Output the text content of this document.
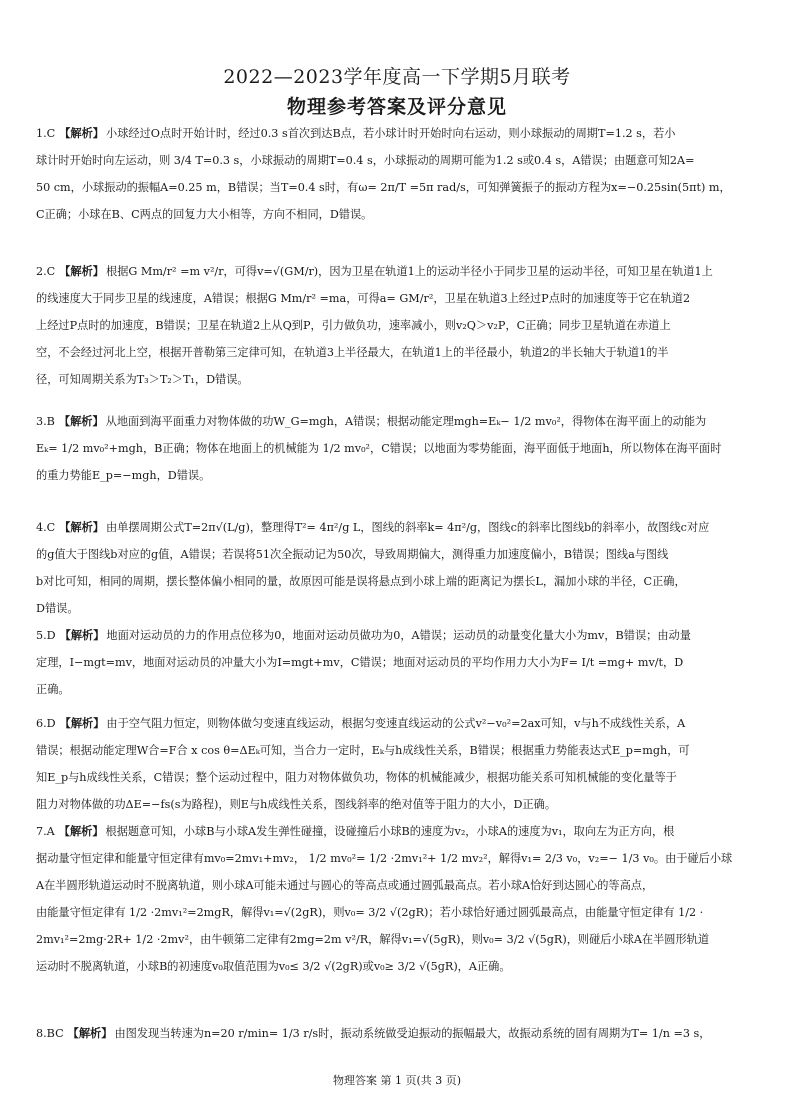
2022—2023学年度高一下学期5月联考
物理参考答案及评分意见
1.C 【解析】 小球经过O点时开始计时，经过0.3 s首次到达B点，若小球计时开始时向右运动，则小球振动的周期T=1.2 s，若小
球计时开始时向左运动，则 3/4 T=0.3 s，小球振动的周期T=0.4 s，小球振动的周期可能为1.2 s或0.4 s，A错误；由题意可知2A=
50 cm，小球振动的振幅A=0.25 m，B错误；当T=0.4 s时，有ω= 2π/T =5π rad/s，可知弹簧振子的振动方程为x=−0.25sin(5πt) m，
C正确；小球在B、C两点的回复力大小相等，方向不相同，D错误。
2.C 【解析】 根据G Mm/r² =m v²/r，可得v=√(GM/r)，因为卫星在轨道1上的运动半径小于同步卫星的运动半径，可知卫星在轨道1上
的线速度大于同步卫星的线速度，A错误；根据G Mm/r² =ma，可得a= GM/r²，卫星在轨道3上经过P点时的加速度等于它在轨道2
上经过P点时的加速度，B错误；卫星在轨道2上从Q到P，引力做负功，速率减小，则v₂Q＞v₂P，C正确；同步卫星轨道在赤道上
空，不会经过河北上空，根据开普勒第三定律可知，在轨道3上半径最大，在轨道1上的半径最小，轨道2的半长轴大于轨道1的半
径，可知周期关系为T₃＞T₂＞T₁，D错误。
3.B 【解析】 从地面到海平面重力对物体做的功W_G=mgh，A错误；根据动能定理mgh=Eₖ− 1/2 mv₀²，得物体在海平面上的动能为
Eₖ= 1/2 mv₀²+mgh，B正确；物体在地面上的机械能为 1/2 mv₀²，C错误；以地面为零势能面，海平面低于地面h，所以物体在海平面时
的重力势能E_p=−mgh，D错误。
4.C 【解析】 由单摆周期公式T=2π√(L/g)，整理得T²= 4π²/g L，图线的斜率k= 4π²/g，图线c的斜率比图线b的斜率小，故图线c对应
的g值大于图线b对应的g值，A错误；若误将51次全振动记为50次，导致周期偏大，测得重力加速度偏小，B错误；图线a与图线
b对比可知，相同的周期，摆长整体偏小相同的量，故原因可能是误将悬点到小球上端的距离记为摆长L，漏加小球的半径，C正确，
D错误。
5.D 【解析】 地面对运动员的力的作用点位移为0，地面对运动员做功为0，A错误；运动员的动量变化量大小为mv，B错误；由动量
定理，I−mgt=mv，地面对运动员的冲量大小为I=mgt+mv，C错误；地面对运动员的平均作用力大小为F= I/t =mg+ mv/t，D
正确。
6.D 【解析】 由于空气阻力恒定，则物体做匀变速直线运动，根据匀变速直线运动的公式v²−v₀²=2ax可知，v与h不成线性关系，A
错误；根据动能定理W合=F合 x cos θ=ΔEₖ可知，当合力一定时，Eₖ与h成线性关系，B错误；根据重力势能表达式E_p=mgh，可
知E_p与h成线性关系，C错误；整个运动过程中，阻力对物体做负功，物体的机械能减少，根据功能关系可知机械能的变化量等于
阻力对物体做的功ΔE=−fs(s为路程)，则E与h成线性关系，图线斜率的绝对值等于阻力的大小，D正确。
7.A 【解析】 根据题意可知，小球B与小球A发生弹性碰撞，设碰撞后小球B的速度为v₂，小球A的速度为v₁，取向左为正方向，根
据动量守恒定律和能量守恒定律有mv₀=2mv₁+mv₂， 1/2 mv₀²= 1/2 ·2mv₁²+ 1/2 mv₂²，解得v₁= 2/3 v₀，v₂=− 1/3 v₀。由于碰后小球
A在半圆形轨道运动时不脱离轨道，则小球A可能未通过与圆心的等高点或通过圆弧最高点。若小球A恰好到达圆心的等高点，
由能量守恒定律有 1/2 ·2mv₁²=2mgR，解得v₁=√(2gR)，则v₀= 3/2 √(2gR)；若小球恰好通过圆弧最高点，由能量守恒定律有 1/2 ·
2mv₁²=2mg·2R+ 1/2 ·2mv²，由牛顿第二定律有2mg=2m v²/R，解得v₁=√(5gR)，则v₀= 3/2 √(5gR)，则碰后小球A在半圆形轨道
运动时不脱离轨道，小球B的初速度v₀取值范围为v₀≤ 3/2 √(2gR)或v₀≥ 3/2 √(5gR)，A正确。
8.BC 【解析】 由图发现当转速为n=20 r/min= 1/3 r/s时，振动系统做受迫振动的振幅最大，故振动系统的固有周期为T= 1/n =3 s，
物理答案 第 1 页(共 3 页)
